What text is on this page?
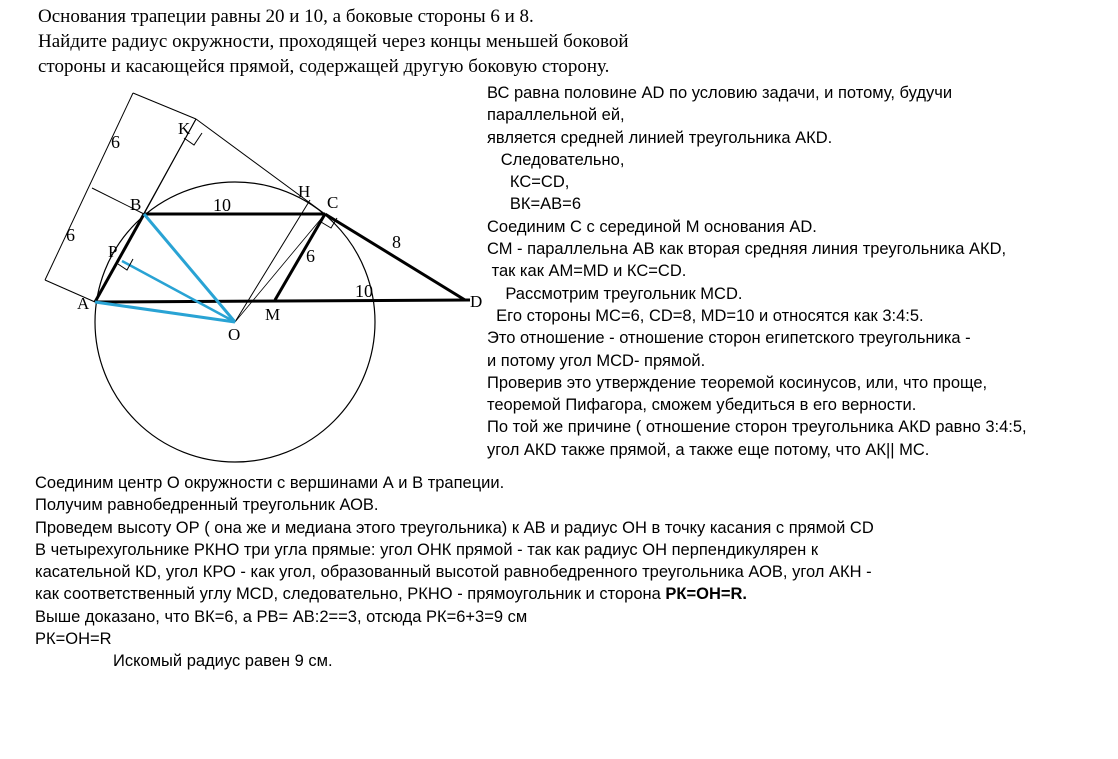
Основания трапеции равны 20 и 10, а боковые стороны 6 и 8.
Найдите радиус окружности, проходящей через концы меньшей боковой
стороны и касающейся прямой, содержащей другую боковую сторону.
K
H
B	C
P
A
O
M
D
6
6
10
8
6
10
ВС равна половине AD по условию задачи, и потому, будучи
параллельной ей,
является средней линией треугольника АКD.
Следовательно,
КС=CD,
ВК=АВ=6
Соединим С с серединой М основания AD.
СМ - параллельна АВ как вторая средняя линия треугольника АКD,
так как АМ=MD и КС=CD.
Рассмотрим треугольник MCD.
Его стороны МС=6, CD=8, MD=10 и относятся как 3:4:5.
Это отношение - отношение сторон египетского треугольника -
и потому угол MCD- прямой.
Проверив это утверждение теоремой косинусов, или, что проще,
теоремой Пифагора, сможем убедиться в его верности.
По той же причине ( отношение сторон треугольника АКD равно 3:4:5,
угол АКD также прямой, а также еще потому, что АК|| МС.
Соединим центр О окружности с вершинами А и В трапеции.
Получим равнобедренный треугольник АОВ.
Проведем высоту ОР ( она же и медиана этого треугольника) к АВ и радиус ОН в точку касания с прямой CD
В четырехугольнике РКНО три угла прямые: угол ОНК прямой - так как радиус ОН перпендикулярен к
касательной КD, угол КРО - как угол, образованный высотой равнобедренного треугольника АОВ, угол АКН -
как соответственный углу MCD, следовательно, РКНО - прямоугольник и сторона РК=ОН=R.
Выше доказано, что ВК=6, а РВ= АВ:2==3, отсюда РК=6+3=9 см
РК=ОН=R
Искомый радиус равен 9 см.
